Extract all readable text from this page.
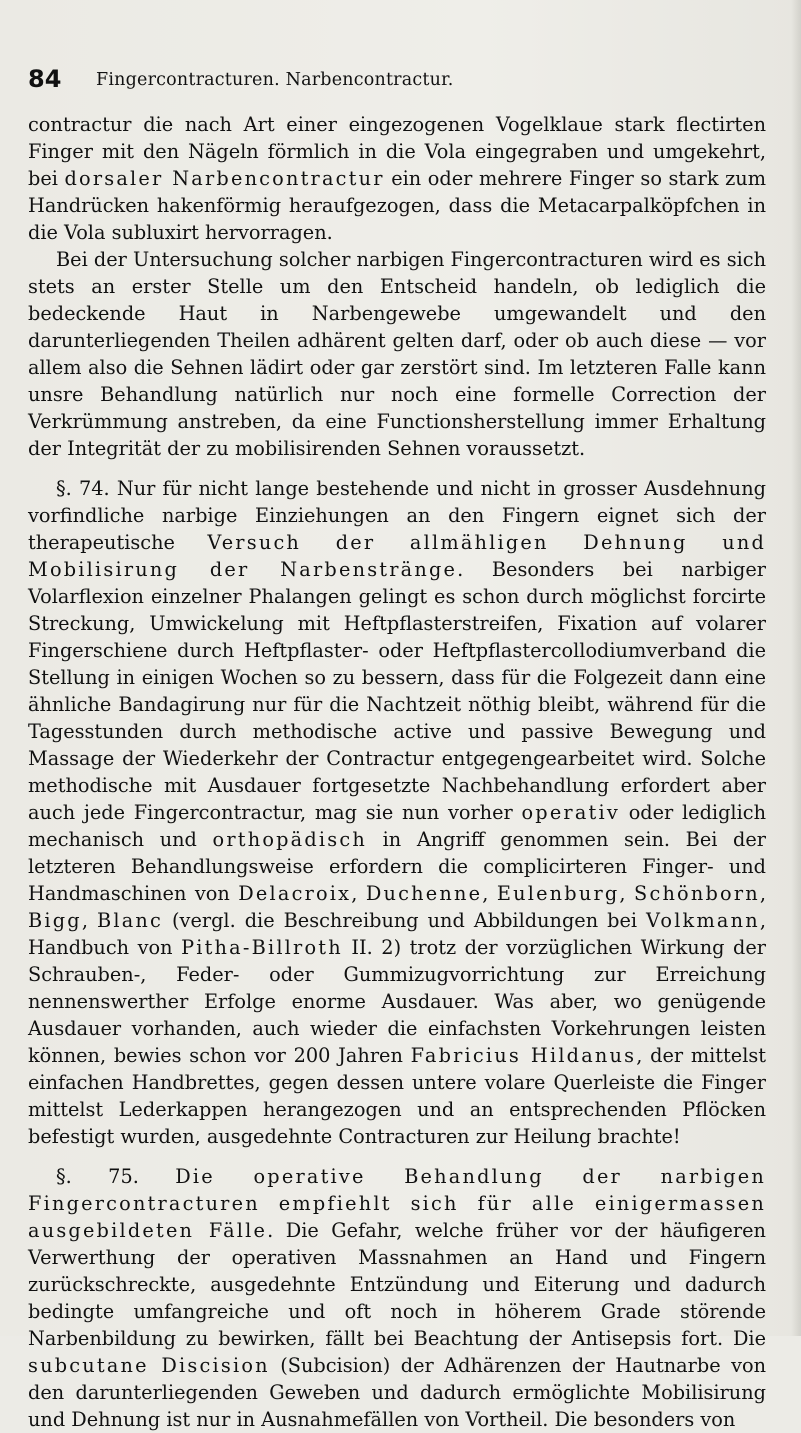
84 Fingercontracturen. Narbencontractur.

contractur die nach Art einer eingezogenen Vogelklaue stark flectirten Finger mit den Nägeln förmlich in die Vola eingegraben und umgekehrt, bei dorsaler Narbencontractur ein oder mehrere Finger so stark zum Handrücken hakenförmig heraufgezogen, dass die Metacarpalköpfchen in die Vola subluxirt hervorragen.

Bei der Untersuchung solcher narbigen Fingercontracturen wird es sich stets an erster Stelle um den Entscheid handeln, ob lediglich die bedeckende Haut in Narbengewebe umgewandelt und den darunterliegenden Theilen adhärent gelten darf, oder ob auch diese — vor allem also die Sehnen lädirt oder gar zerstört sind. Im letzteren Falle kann unsre Behandlung natürlich nur noch eine formelle Correction der Verkrümmung anstreben, da eine Functionsherstellung immer Erhaltung der Integrität der zu mobilisirenden Sehnen voraussetzt.

§. 74. Nur für nicht lange bestehende und nicht in grosser Ausdehnung vorfindliche narbige Einziehungen an den Fingern eignet sich der therapeutische Versuch der allmähligen Dehnung und Mobilisirung der Narbenstränge. Besonders bei narbiger Volarflexion einzelner Phalangen gelingt es schon durch möglichst forcirte Streckung, Umwickelung mit Heftpflasterstreifen, Fixation auf volarer Fingerschiene durch Heftpflaster- oder Heftpflastercollodiumverband die Stellung in einigen Wochen so zu bessern, dass für die Folgezeit dann eine ähnliche Bandagirung nur für die Nachtzeit nöthig bleibt, während für die Tagesstunden durch methodische active und passive Bewegung und Massage der Wiederkehr der Contractur entgegengearbeitet wird. Solche methodische mit Ausdauer fortgesetzte Nachbehandlung erfordert aber auch jede Fingercontractur, mag sie nun vorher operativ oder lediglich mechanisch und orthopädisch in Angriff genommen sein. Bei der letzteren Behandlungsweise erfordern die complicirteren Finger- und Handmaschinen von Delacroix, Duchenne, Eulenburg, Schönborn, Bigg, Blanc (vergl. die Beschreibung und Abbildungen bei Volkmann, Handbuch von Pitha-Billroth II. 2) trotz der vorzüglichen Wirkung der Schrauben-, Feder- oder Gummizugvorrichtung zur Erreichung nennenswerther Erfolge enorme Ausdauer. Was aber, wo genügende Ausdauer vorhanden, auch wieder die einfachsten Vorkehrungen leisten können, bewies schon vor 200 Jahren Fabricius Hildanus, der mittelst einfachen Handbrettes, gegen dessen untere volare Querleiste die Finger mittelst Lederkappen herangezogen und an entsprechenden Pflöcken befestigt wurden, ausgedehnte Contracturen zur Heilung brachte!

§. 75. Die operative Behandlung der narbigen Fingercontracturen empfiehlt sich für alle einigermassen ausgebildeten Fälle. Die Gefahr, welche früher vor der häufigeren Verwerthung der operativen Massnahmen an Hand und Fingern zurückschreckte, ausgedehnte Entzündung und Eiterung und dadurch bedingte umfangreiche und oft noch in höherem Grade störende Narbenbildung zu bewirken, fällt bei Beachtung der Antisepsis fort. Die subcutane Discision (Subcision) der Adhärenzen der Hautnarbe von den darunterliegenden Geweben und dadurch ermöglichte Mobilisirung und Dehnung ist nur in Ausnahmefällen von Vortheil. Die besonders von
